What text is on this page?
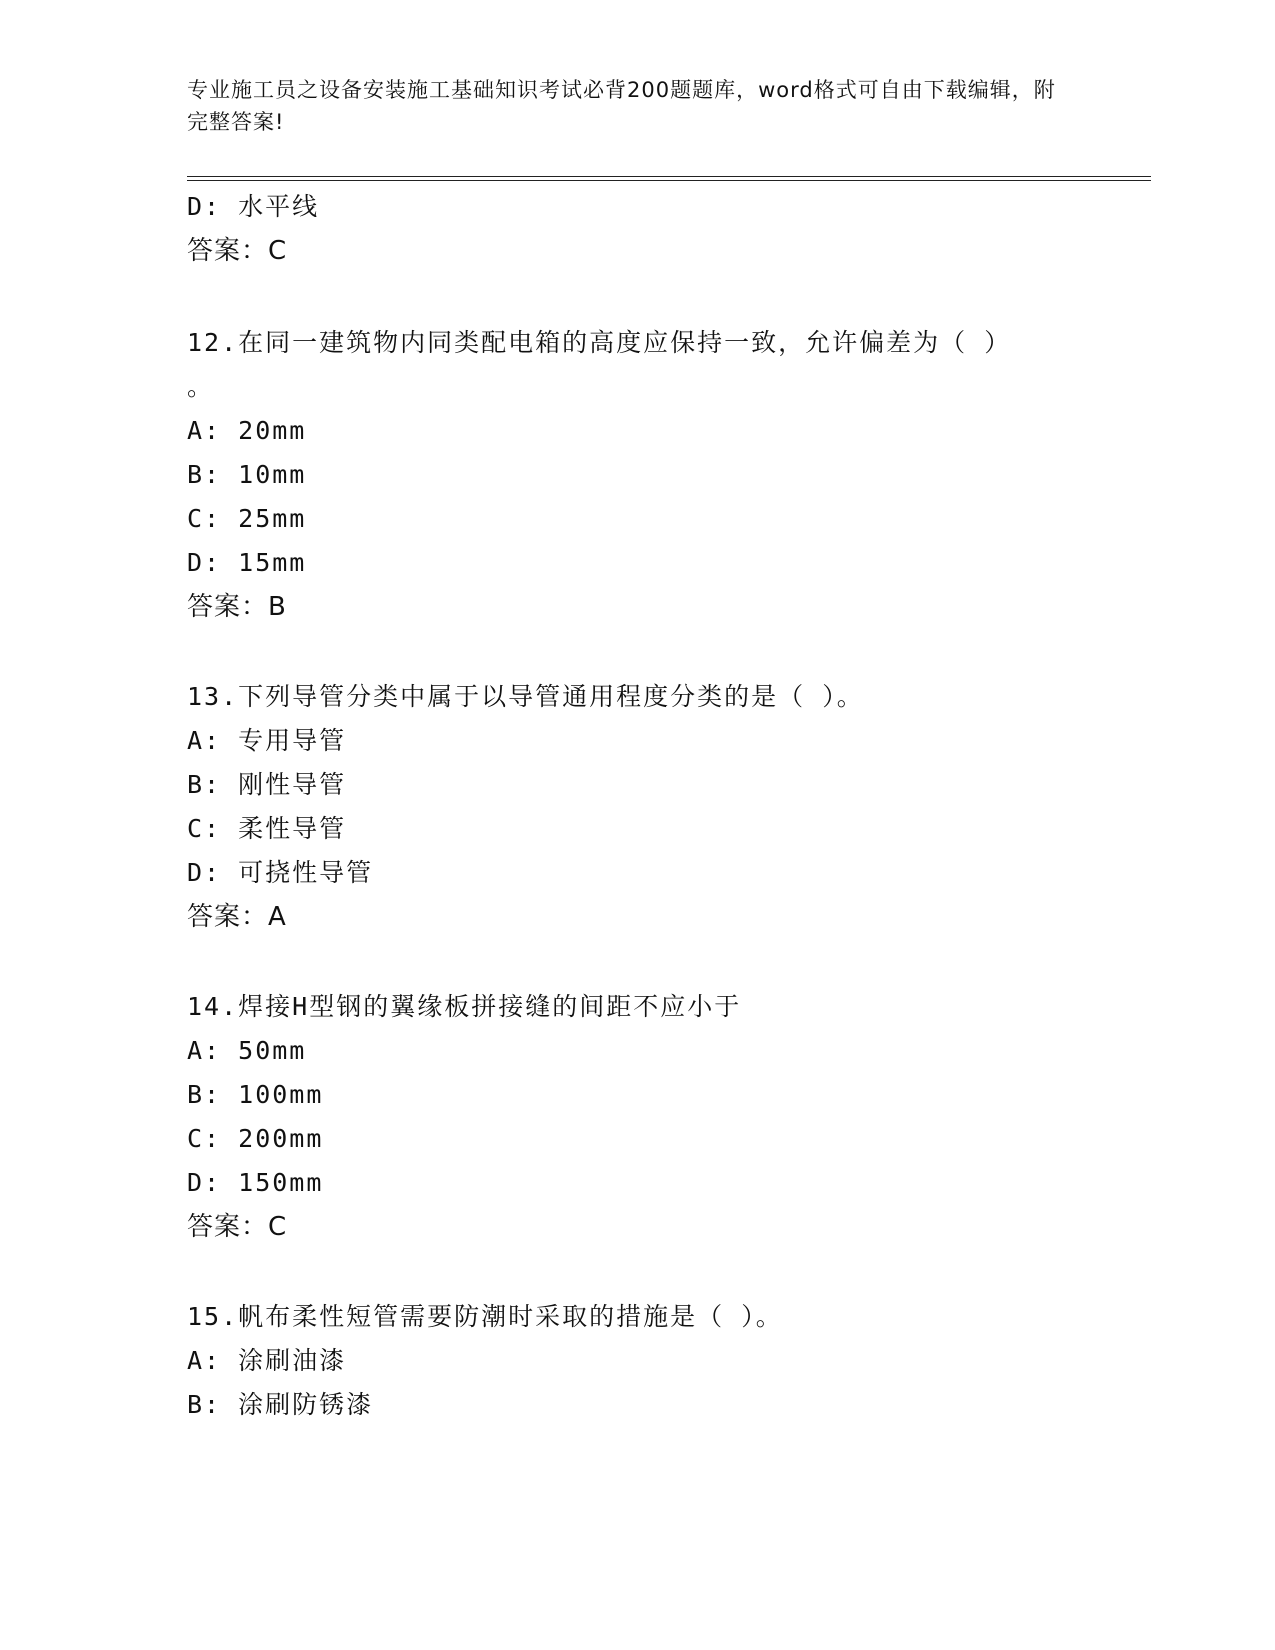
专业施工员之设备安装施工基础知识考试必背200题题库，word格式可自由下载编辑，附完整答案!
D: 水平线
答案：C
12.在同一建筑物内同类配电箱的高度应保持一致，允许偏差为（ ）
。
A: 20mm
B: 10mm
C: 25mm
D: 15mm
答案：B
13.下列导管分类中属于以导管通用程度分类的是（ ）。
A: 专用导管
B: 刚性导管
C: 柔性导管
D: 可挠性导管
答案：A
14.焊接H型钢的翼缘板拼接缝的间距不应小于
A: 50mm
B: 100mm
C: 200mm
D: 150mm
答案：C
15.帆布柔性短管需要防潮时采取的措施是（ ）。
A: 涂刷油漆
B: 涂刷防锈漆
